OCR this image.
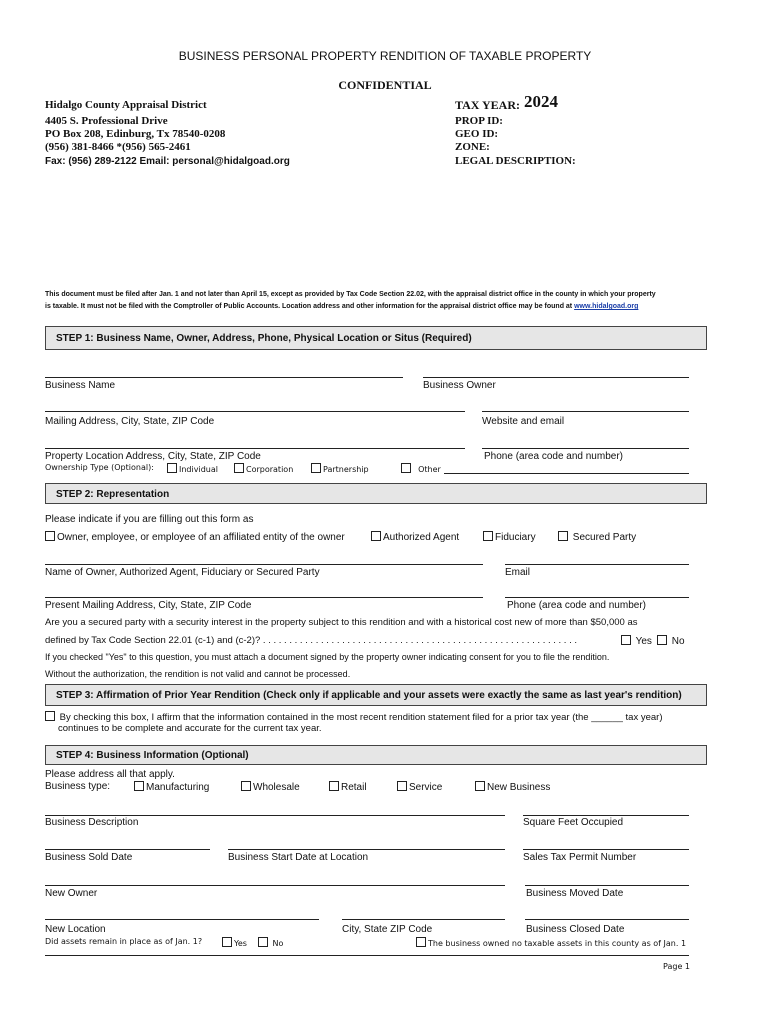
BUSINESS PERSONAL PROPERTY RENDITION OF TAXABLE PROPERTY
CONFIDENTIAL
Hidalgo County Appraisal District
4405 S. Professional Drive
PO Box 208, Edinburg, Tx 78540-0208
(956) 381-8466 *(956) 565-2461
Fax: (956) 289-2122 Email: personal@hidalgoad.org
TAX YEAR: 2024
PROP ID:
GEO ID:
ZONE:
LEGAL DESCRIPTION:
This document must be filed after Jan. 1 and not later than April 15, except as provided by Tax Code Section 22.02, with the appraisal district office in the county in which your property
is taxable. It must not be filed with the Comptroller of Public Accounts. Location address and other information for the appraisal district office may be found at www.hidalgoad.org
STEP 1: Business Name, Owner, Address, Phone, Physical Location or Situs (Required)
Business Name	Business Owner
Mailing Address, City, State, ZIP Code	Website and email
Property Location Address, City, State, ZIP Code	Phone (area code and number)
Ownership Type (Optional):	Individual	Corporation	Partnership	Other
STEP 2: Representation
Please indicate if you are filling out this form as
Owner, employee, or employee of an affiliated entity of the owner	Authorized Agent	Fiduciary	Secured Party
Name of Owner, Authorized Agent, Fiduciary or Secured Party	Email
Present Mailing Address, City, State, ZIP Code	Phone (area code and number)
Are you a secured party with a security interest in the property subject to this rendition and with a historical cost new of more than $50,000 as
defined by Tax Code Section 22.01 (c-1) and (c-2)? . . . . . . . . . . . . . . . . . . . . . . . . . . . . . . . . . . . . . . . . . . . . . . . . . . . . . . . . . . . .	Yes	No
If you checked "Yes" to this question, you must attach a document signed by the property owner indicating consent for you to file the rendition.
Without the authorization, the rendition is not valid and cannot be processed.
STEP 3: Affirmation of Prior Year Rendition (Check only if applicable and your assets were exactly the same as last year's rendition)
By checking this box, I affirm that the information contained in the most recent rendition statement filed for a prior tax year (the ______ tax year)
continues to be complete and accurate for the current tax year.
STEP 4: Business Information (Optional)
Please address all that apply.
Business type:	Manufacturing	Wholesale	Retail	Service	New Business
Business Description	Square Feet Occupied
Business Sold Date	Business Start Date at Location	Sales Tax Permit Number
New Owner	Business Moved Date
New Location	City, State ZIP Code	Business Closed Date
Did assets remain in place as of Jan. 1?	Yes	No	The business owned no taxable assets in this county as of Jan. 1
Page 1
